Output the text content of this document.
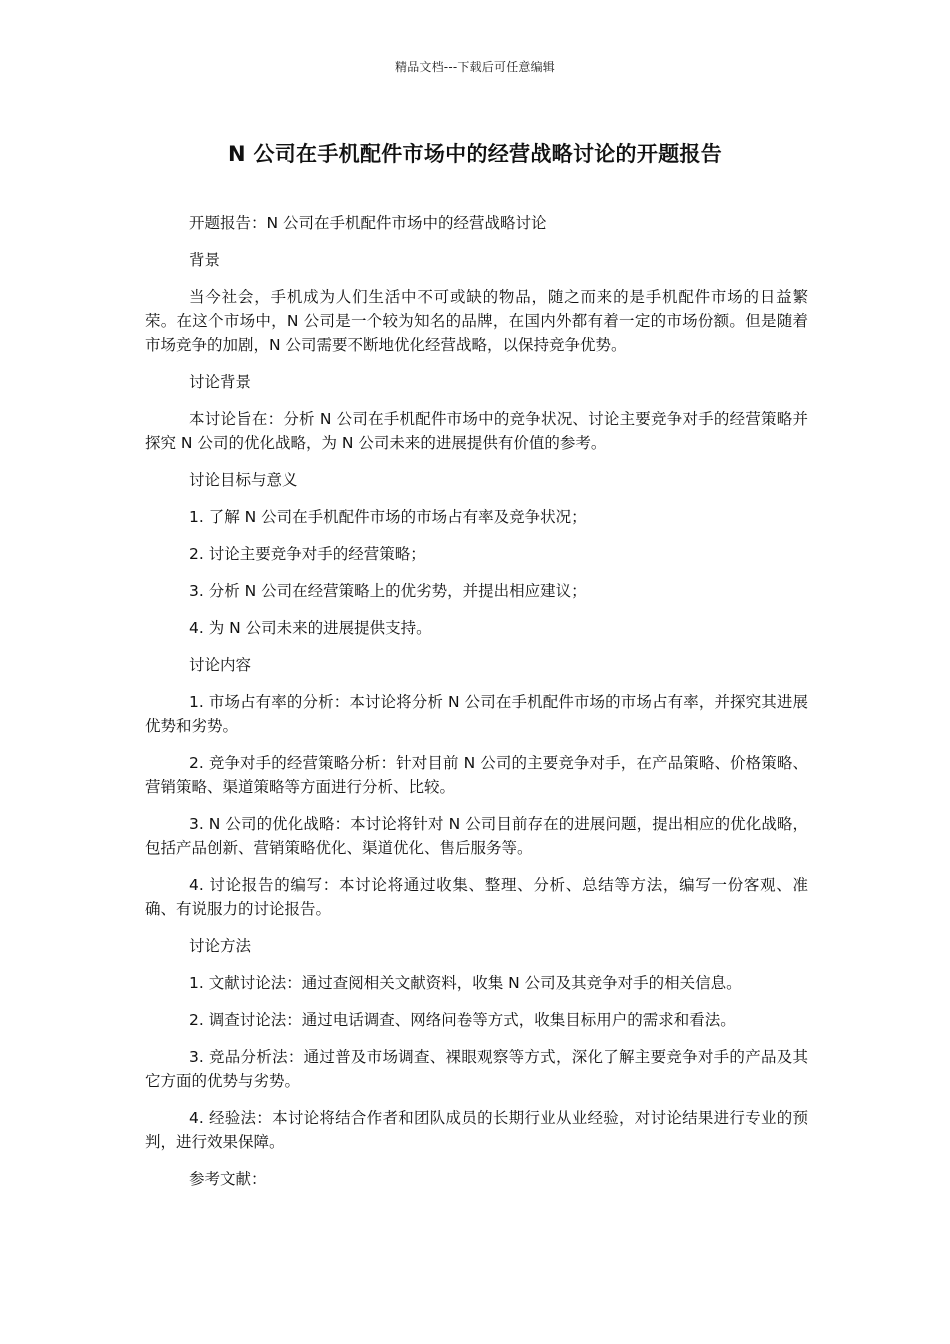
精品文档---下载后可任意编辑
N 公司在手机配件市场中的经营战略讨论的开题报告

开题报告：N 公司在手机配件市场中的经营战略讨论

背景

当今社会，手机成为人们生活中不可或缺的物品，随之而来的是手机配件市场的日益繁荣。在这个市场中，N 公司是一个较为知名的品牌，在国内外都有着一定的市场份额。但是随着市场竞争的加剧，N 公司需要不断地优化经营战略，以保持竞争优势。

讨论背景

本讨论旨在：分析 N 公司在手机配件市场中的竞争状况、讨论主要竞争对手的经营策略并探究 N 公司的优化战略，为 N 公司未来的进展提供有价值的参考。

讨论目标与意义

1. 了解 N 公司在手机配件市场的市场占有率及竞争状况；

2. 讨论主要竞争对手的经营策略；

3. 分析 N 公司在经营策略上的优劣势，并提出相应建议；

4. 为 N 公司未来的进展提供支持。

讨论内容

1. 市场占有率的分析：本讨论将分析 N 公司在手机配件市场的市场占有率，并探究其进展优势和劣势。

2. 竞争对手的经营策略分析：针对目前 N 公司的主要竞争对手，在产品策略、价格策略、营销策略、渠道策略等方面进行分析、比较。

3. N 公司的优化战略：本讨论将针对 N 公司目前存在的进展问题，提出相应的优化战略，包括产品创新、营销策略优化、渠道优化、售后服务等。

4. 讨论报告的编写：本讨论将通过收集、整理、分析、总结等方法，编写一份客观、准确、有说服力的讨论报告。

讨论方法

1. 文献讨论法：通过查阅相关文献资料，收集 N 公司及其竞争对手的相关信息。

2. 调查讨论法：通过电话调查、网络问卷等方式，收集目标用户的需求和看法。

3. 竞品分析法：通过普及市场调查、裸眼观察等方式，深化了解主要竞争对手的产品及其它方面的优势与劣势。

4. 经验法：本讨论将结合作者和团队成员的长期行业从业经验，对讨论结果进行专业的预判，进行效果保障。

参考文献：
